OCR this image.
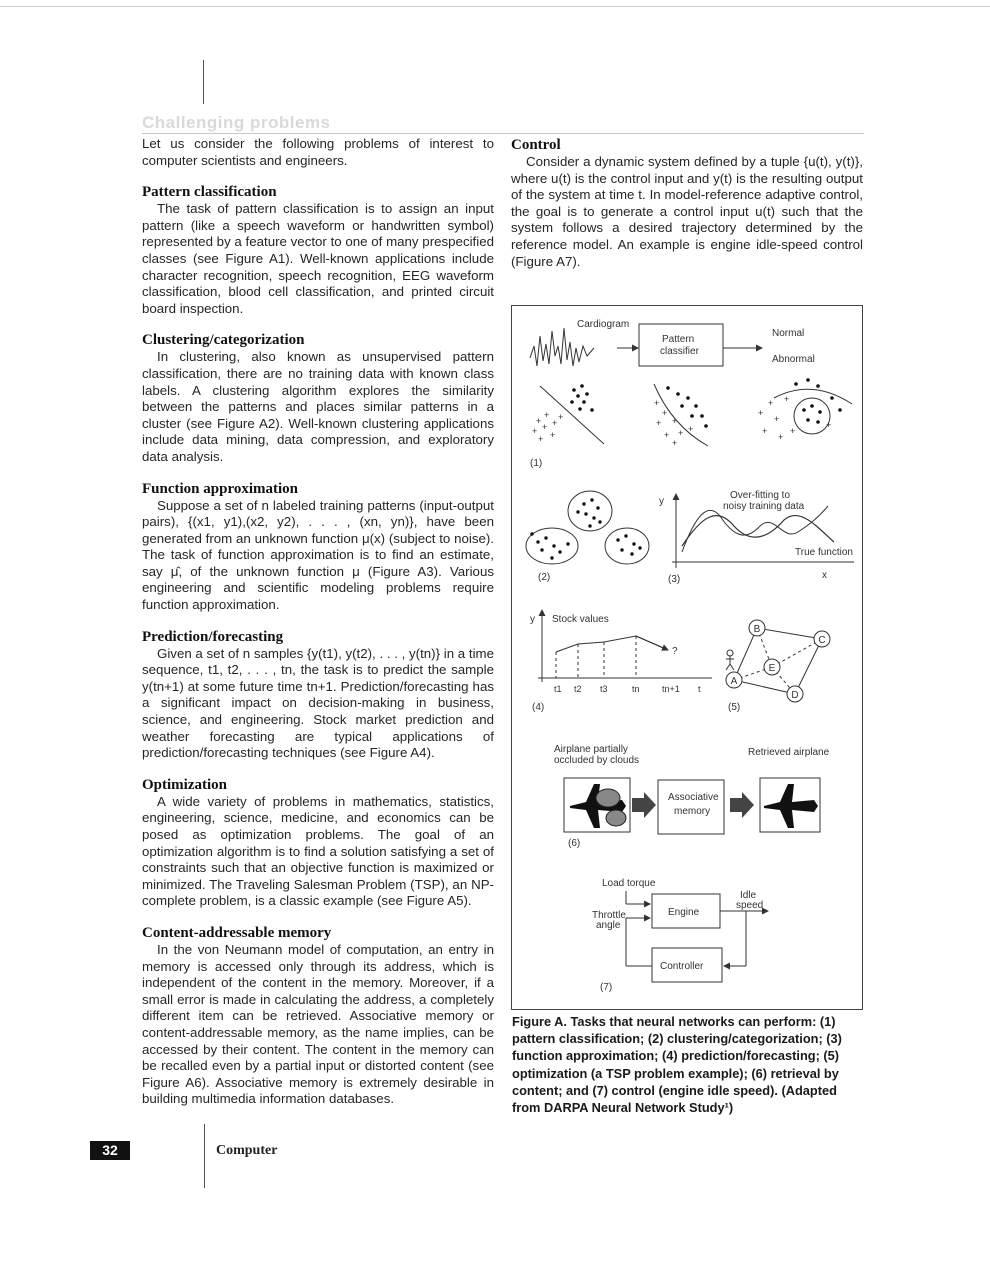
Challenging problems

Let us consider the following problems of interest to computer scientists and engineers.

Pattern classification

The task of pattern classification is to assign an input pattern (like a speech waveform or handwritten symbol) represented by a feature vector to one of many prespecified classes (see Figure A1). Well-known applications include character recognition, speech recognition, EEG waveform classification, blood cell classification, and printed circuit board inspection.

Clustering/categorization

In clustering, also known as unsupervised pattern classification, there are no training data with known class labels. A clustering algorithm explores the similarity between the patterns and places similar patterns in a cluster (see Figure A2). Well-known clustering applications include data mining, data compression, and exploratory data analysis.

Function approximation

Suppose a set of n labeled training patterns (input-output pairs), {(x1, y1),(x2, y2), . . . , (xn, yn)}, have been generated from an unknown function μ(x) (subject to noise). The task of function approximation is to find an estimate, say μ̂, of the unknown function μ (Figure A3). Various engineering and scientific modeling problems require function approximation.

Prediction/forecasting

Given a set of n samples {y(t1), y(t2), . . . , y(tn)} in a time sequence, t1, t2, . . . , tn, the task is to predict the sample y(tn+1) at some future time tn+1. Prediction/forecasting has a significant impact on decision-making in business, science, and engineering. Stock market prediction and weather forecasting are typical applications of prediction/forecasting techniques (see Figure A4).

Optimization

A wide variety of problems in mathematics, statistics, engineering, science, medicine, and economics can be posed as optimization problems. The goal of an optimization algorithm is to find a solution satisfying a set of constraints such that an objective function is maximized or minimized. The Traveling Salesman Problem (TSP), an NP-complete problem, is a classic example (see Figure A5).

Content-addressable memory

In the von Neumann model of computation, an entry in memory is accessed only through its address, which is independent of the content in the memory. Moreover, if a small error is made in calculating the address, a completely different item can be retrieved. Associative memory or content-addressable memory, as the name implies, can be accessed by their content. The content in the memory can be recalled even by a partial input or distorted content (see Figure A6). Associative memory is extremely desirable in building multimedia information databases.

Control

Consider a dynamic system defined by a tuple {u(t), y(t)}, where u(t) is the control input and y(t) is the resulting output of the system at time t. In model-reference adaptive control, the goal is to generate a control input u(t) such that the system follows a desired trajectory determined by the reference model. An example is engine idle-speed control (Figure A7).

Cardiogram
Pattern
classifier
Normal
Abnormal
+
+
+ + +
+ +
+
+
+
+ +
+ + +
+
+
+
+
+
+
+
+
+
(1)
(2)
y
x
Over-fitting to
noisy training data
True function
(3)
y Stock values
?
t1 t2 t3	tn tn+1 t
(4)
A
B
C
D
E
(5)
Airplane partially
occluded by clouds
Retrieved airplane
Associative
memory
(6)
Load torque
Engine
Throttle
angle
Idle
speed
Controller
(7)

Figure A. Tasks that neural networks can perform: (1) pattern classification; (2) clustering/categorization; (3) function approximation; (4) prediction/forecasting; (5) optimization (a TSP problem example); (6) retrieval by content; and (7) control (engine idle speed). (Adapted from DARPA Neural Network Study¹)

32	Computer
